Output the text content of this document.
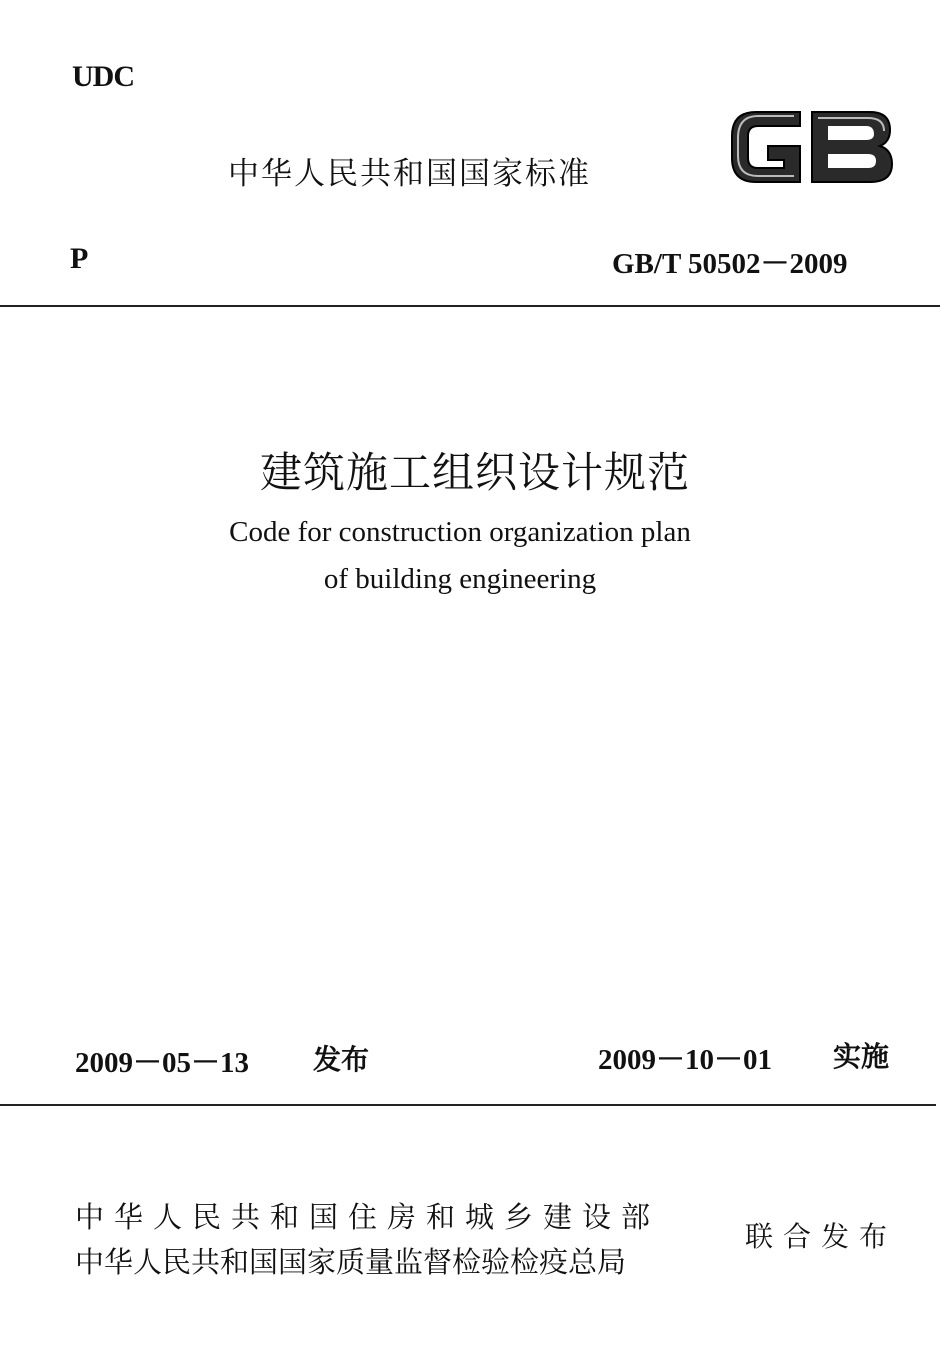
UDC
中华人民共和国国家标准
P	GB/T 50502－2009
建筑施工组织设计规范
Code for construction organization plan
of building engineering
2009－05－13 发布	2009－10－01 实施
中华人民共和国住房和城乡建设部
中华人民共和国国家质量监督检验检疫总局
联合发布
